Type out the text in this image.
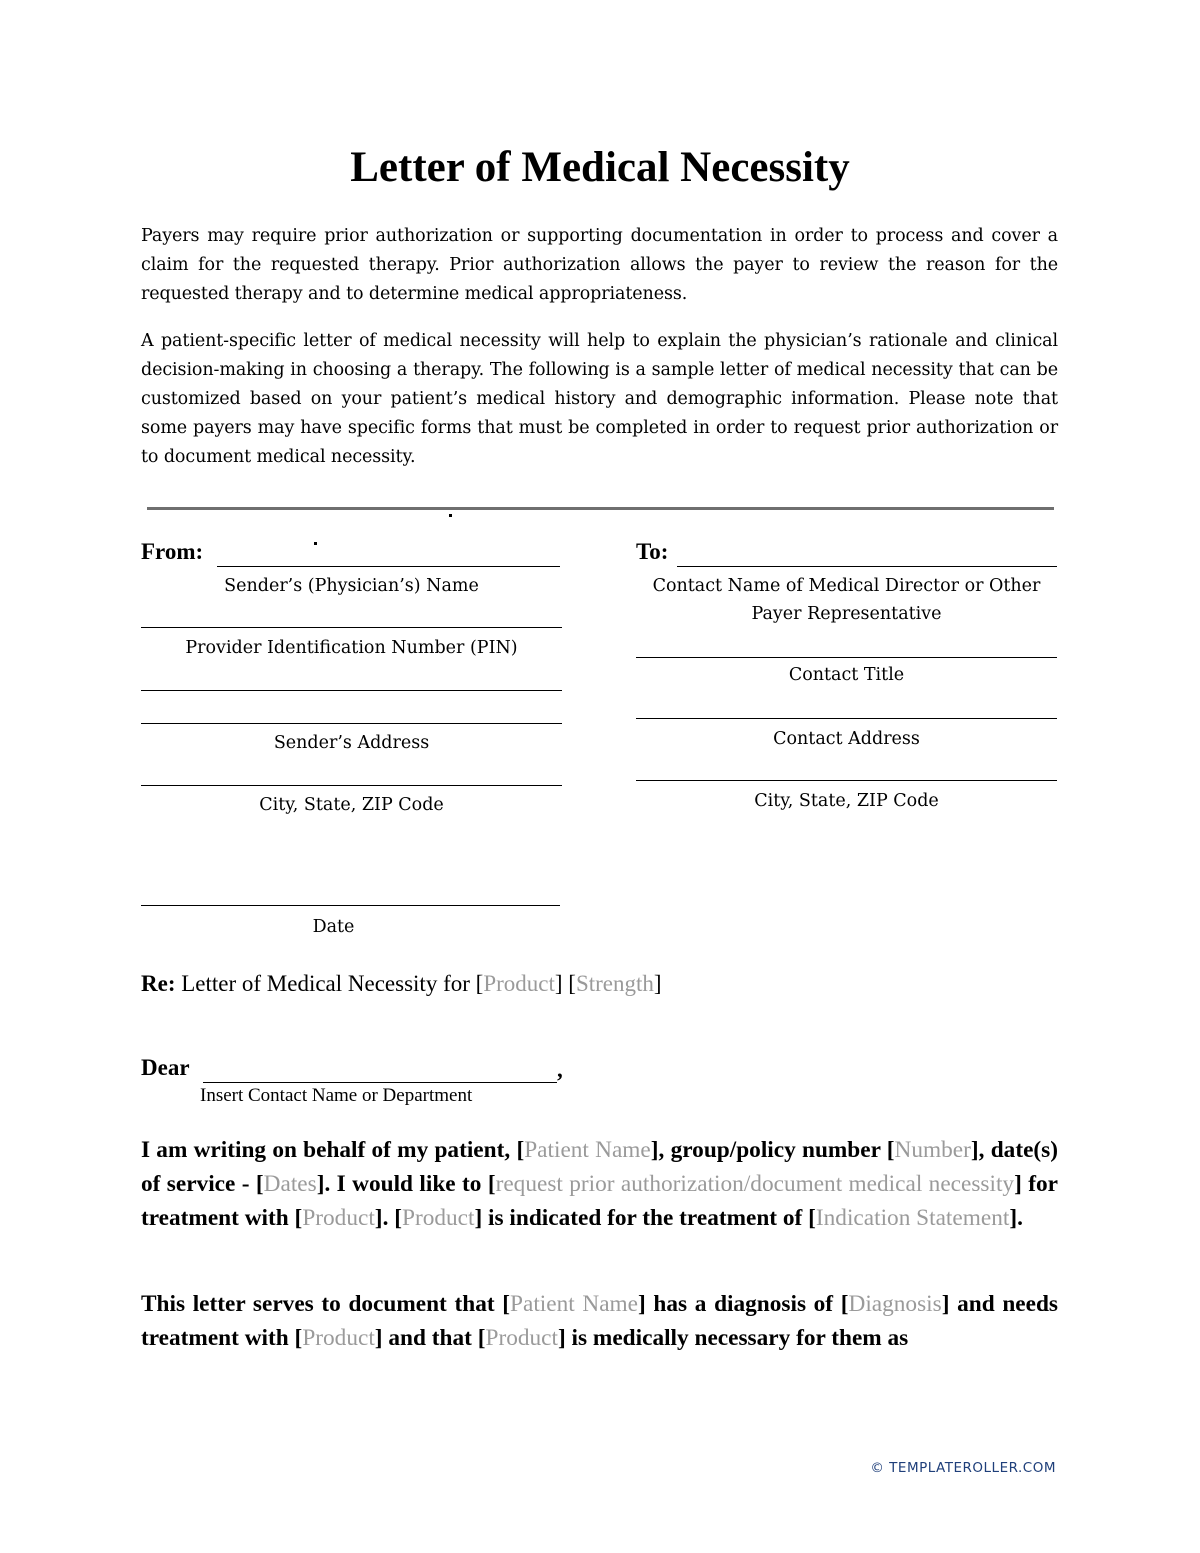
Letter of Medical Necessity

Payers may require prior authorization or supporting documentation in order to process and cover a claim for the requested therapy. Prior authorization allows the payer to review the reason for the requested therapy and to determine medical appropriateness.

A patient-specific letter of medical necessity will help to explain the physician’s rationale and clinical decision-making in choosing a therapy. The following is a sample letter of medical necessity that can be customized based on your patient’s medical history and demographic information. Please note that some payers may have specific forms that must be completed in order to request prior authorization or to document medical necessity.

From:
Sender’s (Physician’s) Name
Provider Identification Number (PIN)
Sender’s Address
City, State, ZIP Code
Date
To:
Contact Name of Medical Director or Other Payer Representative
Contact Title
Contact Address
City, State, ZIP Code

Re: Letter of Medical Necessity for [Product] [Strength]

Dear	,
Insert Contact Name or Department

I am writing on behalf of my patient, [Patient Name], group/policy number [Number], date(s) of service - [Dates]. I would like to [request prior authorization/document medical necessity] for treatment with [Product]. [Product] is indicated for the treatment of [Indication Statement].

This letter serves to document that [Patient Name] has a diagnosis of [Diagnosis] and needs treatment with [Product] and that [Product] is medically necessary for them as

© TEMPLATEROLLER.COM
